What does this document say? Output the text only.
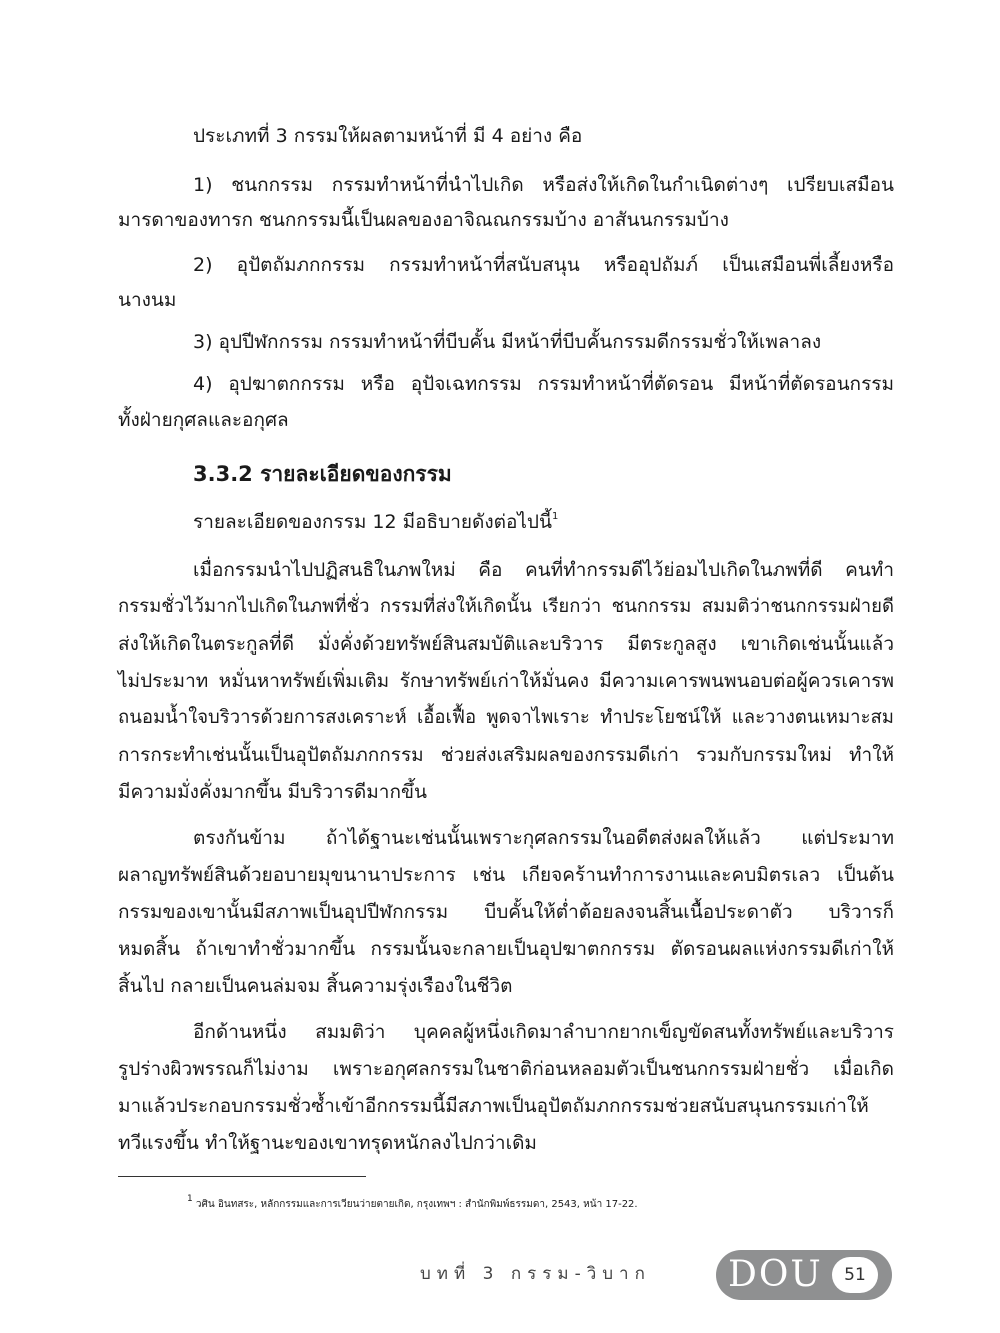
ประเภทที่ 3 กรรมให้ผลตามหน้าที่ มี 4 อย่าง คือ
1) ชนกกรรม กรรมทำหน้าที่นำไปเกิด หรือส่งให้เกิดในกำเนิดต่างๆ เปรียบเสมือน
มารดาของทารก ชนกกรรมนี้เป็นผลของอาจิณณกรรมบ้าง อาสันนกรรมบ้าง
2) อุปัตถัมภกกรรม กรรมทำหน้าที่สนับสนุน หรืออุปถัมภ์ เป็นเสมือนพี่เลี้ยงหรือ
นางนม
3) อุปปีฬกกรรม กรรมทำหน้าที่บีบคั้น มีหน้าที่บีบคั้นกรรมดีกรรมชั่วให้เพลาลง
4) อุปฆาตกกรรม หรือ อุปัจเฉทกรรม กรรมทำหน้าที่ตัดรอน มีหน้าที่ตัดรอนกรรม
ทั้งฝ่ายกุศลและอกุศล
3.3.2 รายละเอียดของกรรม
รายละเอียดของกรรม 12 มีอธิบายดังต่อไปนี้$^1$
เมื่อกรรมนำไปปฏิสนธิในภพใหม่ คือ คนที่ทำกรรมดีไว้ย่อมไปเกิดในภพที่ดี คนทำ
กรรมชั่วไว้มากไปเกิดในภพที่ชั่ว กรรมที่ส่งให้เกิดนั้น เรียกว่า ชนกกรรม สมมติว่าชนกกรรมฝ่ายดี
ส่งให้เกิดในตระกูลที่ดี มั่งคั่งด้วยทรัพย์สินสมบัติและบริวาร มีตระกูลสูง เขาเกิดเช่นนั้นแล้ว
ไม่ประมาท หมั่นหาทรัพย์เพิ่มเติม รักษาทรัพย์เก่าให้มั่นคง มีความเคารพนพนอบต่อผู้ควรเคารพ
ถนอมน้ำใจบริวารด้วยการสงเคราะห์ เอื้อเฟื้อ พูดจาไพเราะ ทำประโยชน์ให้ และวางตนเหมาะสม
การกระทำเช่นนั้นเป็นอุปัตถัมภกกรรม ช่วยส่งเสริมผลของกรรมดีเก่า รวมกับกรรมใหม่ ทำให้
มีความมั่งคั่งมากขึ้น มีบริวารดีมากขึ้น
ตรงกันข้าม ถ้าได้ฐานะเช่นนั้นเพราะกุศลกรรมในอดีตส่งผลให้แล้ว แต่ประมาท
ผลาญทรัพย์สินด้วยอบายมุขนานาประการ เช่น เกียจคร้านทำการงานและคบมิตรเลว เป็นต้น
กรรมของเขานั้นมีสภาพเป็นอุปปีฬกกรรม บีบคั้นให้ต่ำต้อยลงจนสิ้นเนื้อประดาตัว บริวารก็
หมดสิ้น ถ้าเขาทำชั่วมากขึ้น กรรมนั้นจะกลายเป็นอุปฆาตกกรรม ตัดรอนผลแห่งกรรมดีเก่าให้
สิ้นไป กลายเป็นคนล่มจม สิ้นความรุ่งเรืองในชีวิต
อีกด้านหนึ่ง สมมติว่า บุคคลผู้หนึ่งเกิดมาลำบากยากเข็ญขัดสนทั้งทรัพย์และบริวาร
รูปร่างผิวพรรณก็ไม่งาม เพราะอกุศลกรรมในชาติก่อนหลอมตัวเป็นชนกกรรมฝ่ายชั่ว เมื่อเกิด
มาแล้วประกอบกรรมชั่วซ้ำเข้าอีกกรรมนี้มีสภาพเป็นอุปัตถัมภกกรรมช่วยสนับสนุนกรรมเก่าให้
ทวีแรงขึ้น ทำให้ฐานะของเขาทรุดหนักลงไปกว่าเดิม
$^1$ วศิน อินทสระ, หลักกรรมและการเวียนว่ายตายเกิด, กรุงเทพฯ : สำนักพิมพ์ธรรมดา, 2543, หน้า 17-22.
บทที่ 3 กรรม-วิบาก	DOU	51
